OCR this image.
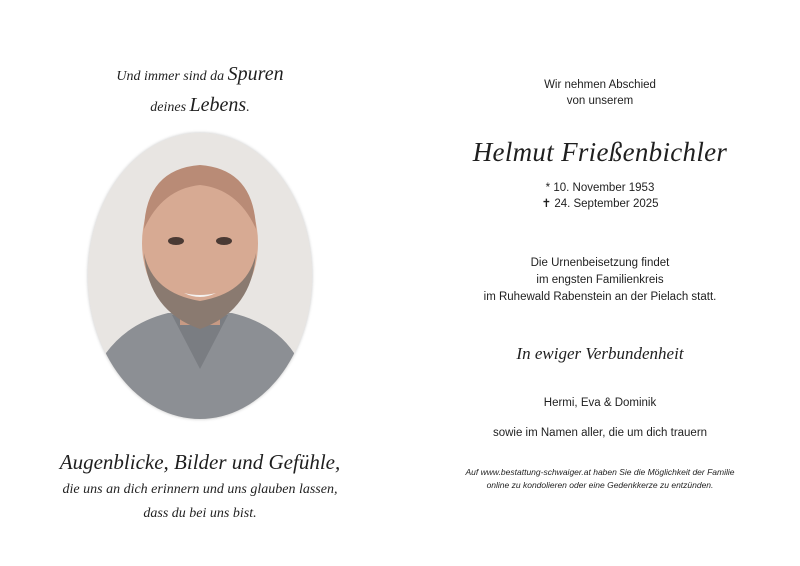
Und immer sind da Spuren
deines Lebens.
Augenblicke, Bilder und Gefühle,
die uns an dich erinnern und uns glauben lassen,
dass du bei uns bist.
Wir nehmen Abschied
von unserem
Helmut Frießenbichler
* 10. November 1953
✝ 24. September 2025
Die Urnenbeisetzung findet
im engsten Familienkreis
im Ruhewald Rabenstein an der Pielach statt.
In ewiger Verbundenheit
Hermi, Eva & Dominik
sowie im Namen aller, die um dich trauern
Auf www.bestattung-schwaiger.at haben Sie die Möglichkeit der Familie
online zu kondolieren oder eine Gedenkkerze zu entzünden.
